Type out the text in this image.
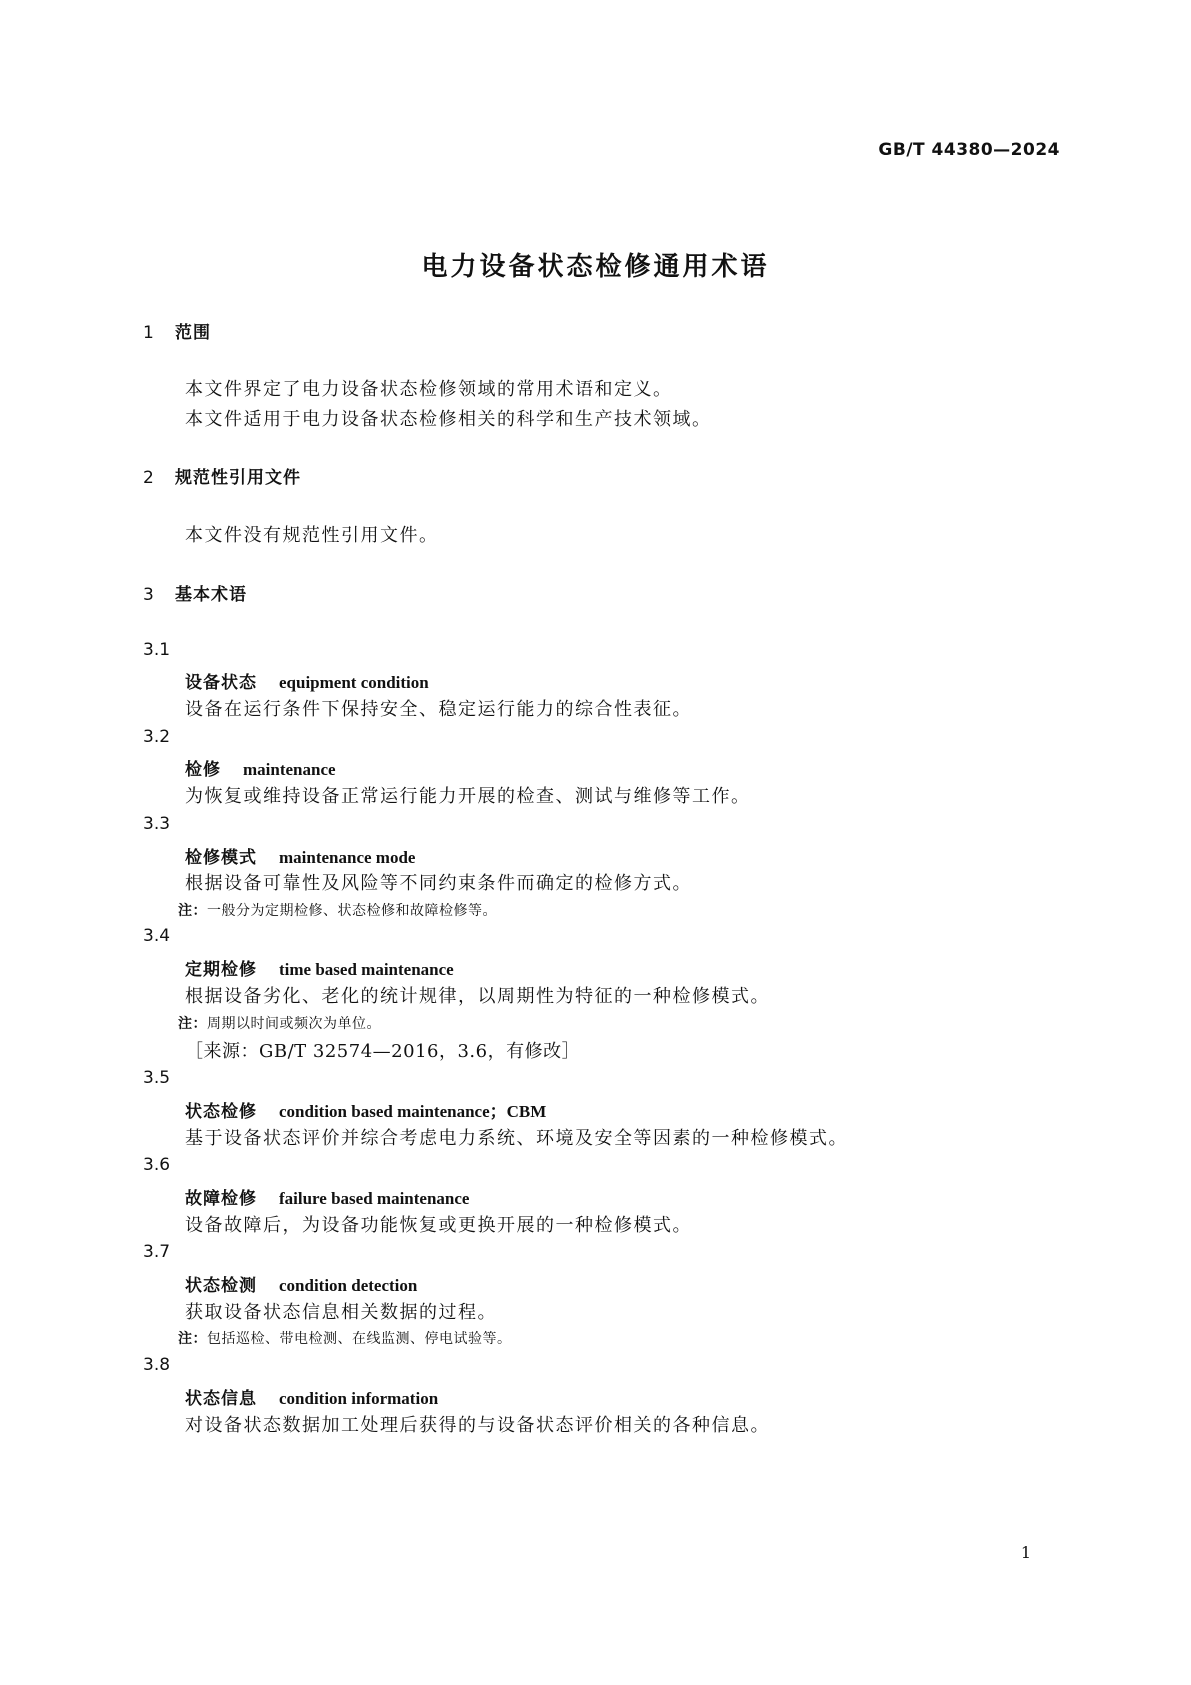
GB/T 44380—2024
电力设备状态检修通用术语
1 范围
本文件界定了电力设备状态检修领域的常用术语和定义。
本文件适用于电力设备状态检修相关的科学和生产技术领域。
2 规范性引用文件
本文件没有规范性引用文件。
3 基本术语
3.1
设备状态 equipment condition
设备在运行条件下保持安全、稳定运行能力的综合性表征。
3.2
检修 maintenance
为恢复或维持设备正常运行能力开展的检查、测试与维修等工作。
3.3
检修模式 maintenance mode
根据设备可靠性及风险等不同约束条件而确定的检修方式。
注：一般分为定期检修、状态检修和故障检修等。
3.4
定期检修 time based maintenance
根据设备劣化、老化的统计规律，以周期性为特征的一种检修模式。
注：周期以时间或频次为单位。
［来源：GB/T 32574—2016，3.6，有修改］
3.5
状态检修 condition based maintenance；CBM
基于设备状态评价并综合考虑电力系统、环境及安全等因素的一种检修模式。
3.6
故障检修 failure based maintenance
设备故障后，为设备功能恢复或更换开展的一种检修模式。
3.7
状态检测 condition detection
获取设备状态信息相关数据的过程。
注：包括巡检、带电检测、在线监测、停电试验等。
3.8
状态信息 condition information
对设备状态数据加工处理后获得的与设备状态评价相关的各种信息。
1
